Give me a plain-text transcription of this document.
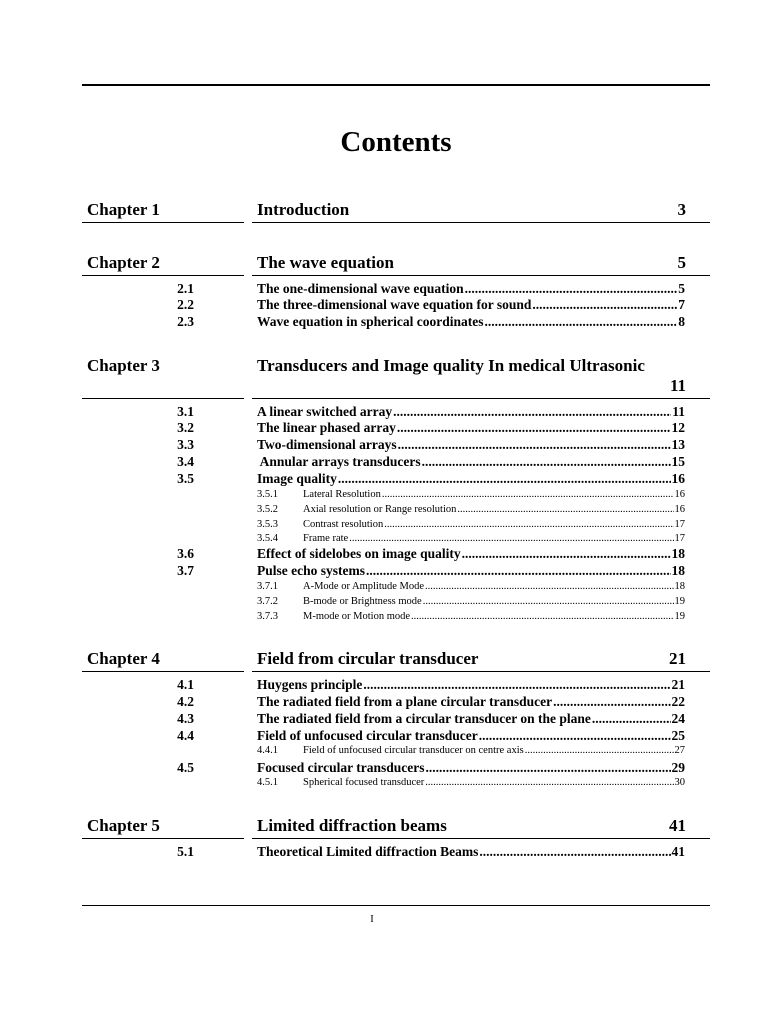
Contents
Chapter 1	Introduction	3
Chapter 2	The wave equation	5
2.1	The one-dimensional wave equation .....	5
2.2	The three-dimensional wave equation for sound .....	7
2.3	Wave equation in spherical coordinates .....	8
Chapter 3	Transducers and Image quality In medical Ultrasonic
11
3.1	A linear switched array .....	11
3.2	The linear phased array .....	12
3.3	Two-dimensional arrays .....	13
3.4	Annular arrays transducers .....	15
3.5	Image quality .....	16
3.5.1 Lateral Resolution .....	16
3.5.2 Axial resolution or Range resolution .....	16
3.5.3 Contrast resolution .....	17
3.5.4 Frame rate .....	17
3.6	Effect of sidelobes on image quality .....	18
3.7	Pulse echo systems .....	18
3.7.1 A-Mode or Amplitude Mode .....	18
3.7.2 B-mode or Brightness mode .....	19
3.7.3 M-mode or Motion mode .....	19
Chapter 4	Field from circular transducer	21
4.1	Huygens principle .....	21
4.2	The radiated field from a plane circular transducer .....	22
4.3	The radiated field from a circular transducer on the plane .....	24
4.4	Field of unfocused circular transducer .....	25
4.4.1 Field of unfocused circular transducer on centre axis .....	27
4.5	Focused circular transducers .....	29
4.5.1 Spherical focused transducer .....	30
Chapter 5	Limited diffraction beams	41
5.1	Theoretical Limited diffraction Beams .....	41
I
